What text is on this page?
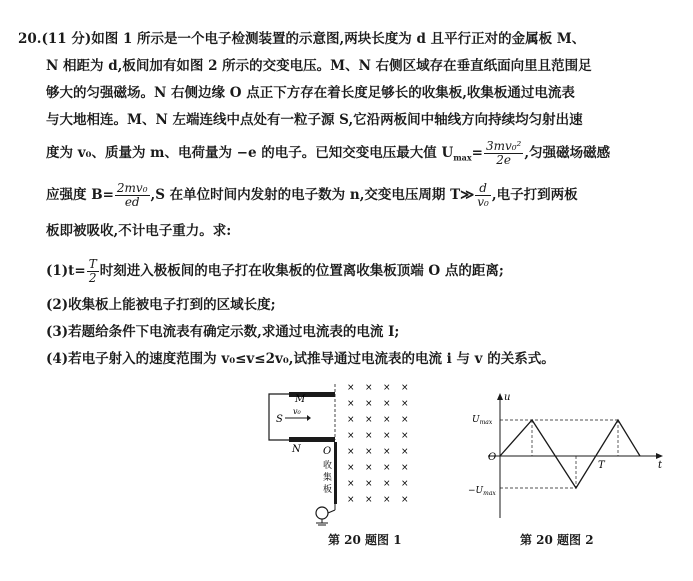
20.(11 分)如图 1 所示是一个电子检测装置的示意图,两块长度为 d 且平行正对的金属板 M、
N 相距为 d,板间加有如图 2 所示的交变电压。M、N 右侧区域存在垂直纸面向里且范围足
够大的匀强磁场。N 右侧边缘 O 点正下方存在着长度足够长的收集板,收集板通过电流表
与大地相连。M、N 左端连线中点处有一粒子源 S,它沿两板间中轴线方向持续均匀射出速
度为 v₀、质量为 m、电荷量为 −e 的电子。已知交变电压最大值 $U_{max}= \frac{\text{3mv₀²}}{2e}$ ,匀强磁场磁感
应强度 $B= \frac{\text{2mv₀}}{ed} ,S$ 在单位时间内发射的电子数为 n,交变电压周期 T≫ $\frac{d}{\text{v₀}}$ ,电子打到两板
板即被吸收,不计电子重力。求:
$(1)t= \frac{T}{2}$ 时刻进入极板间的电子打在收集板的位置离收集板顶端 O 点的距离;
(2)收集板上能被电子打到的区域长度;
(3)若题给条件下电流表有确定示数,求通过电流表的电流 I;
(4)若电子射入的速度范围为 v₀≤v≤2v₀,试推导通过电流表的电流 i 与 v 的关系式。
M
N
S
v₀
O
收
集
板
× × × ×
× × × ×
× × × ×
× × × ×
× × × ×
× × × ×
× × × ×
× × × ×
第 20 题图 1
u
t
O
$U_{max}$
$-U_{max}$
T
第 20 题图 2
